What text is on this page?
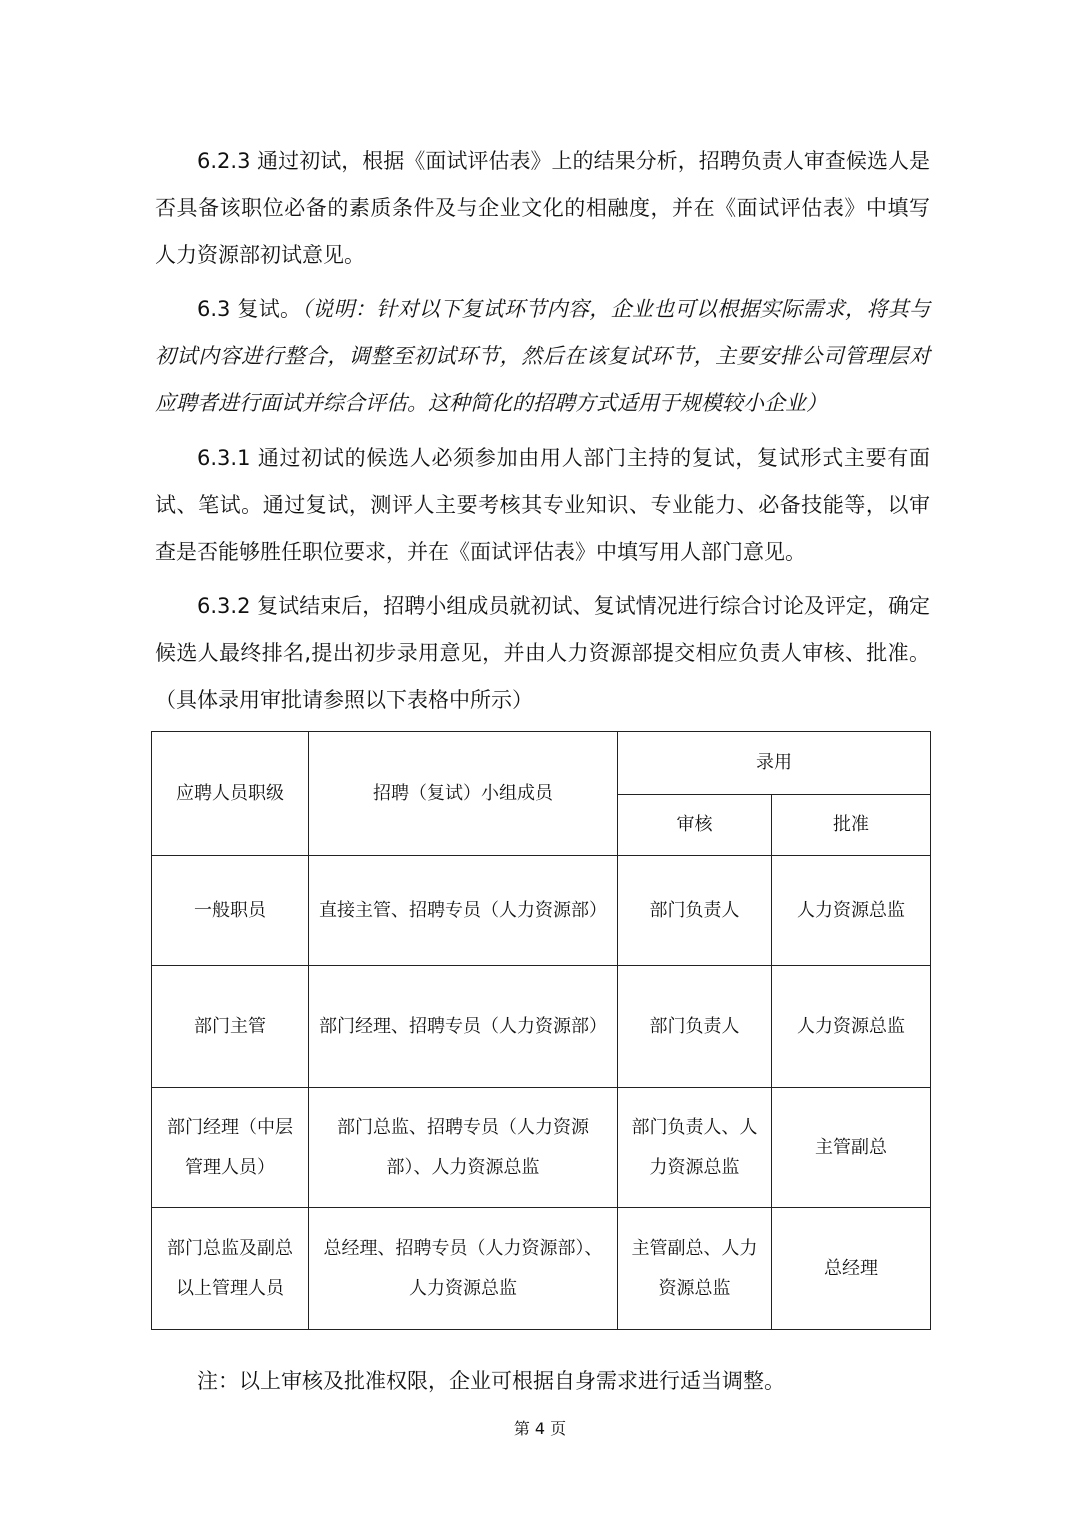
6.2.3 通过初试，根据《面试评估表》上的结果分析，招聘负责人审查候选人是否具备该职位必备的素质条件及与企业文化的相融度，并在《面试评估表》中填写人力资源部初试意见。

6.3 复试。（说明：针对以下复试环节内容，企业也可以根据实际需求，将其与初试内容进行整合，调整至初试环节，然后在该复试环节，主要安排公司管理层对应聘者进行面试并综合评估。这种简化的招聘方式适用于规模较小企业）

6.3.1 通过初试的候选人必须参加由用人部门主持的复试，复试形式主要有面试、笔试。通过复试，测评人主要考核其专业知识、专业能力、必备技能等，以审查是否能够胜任职位要求，并在《面试评估表》中填写用人部门意见。

6.3.2 复试结束后，招聘小组成员就初试、复试情况进行综合讨论及评定，确定候选人最终排名,提出初步录用意见，并由人力资源部提交相应负责人审核、批准。（具体录用审批请参照以下表格中所示）

应聘人员职级	招聘（复试）小组成员	录用	
		审核	批准
一般职员	直接主管、招聘专员（人力资源部）	部门负责人	人力资源总监
部门主管	部门经理、招聘专员（人力资源部）	部门负责人	人力资源总监
部门经理（中层管理人员）	部门总监、招聘专员（人力资源部）、人力资源总监	部门负责人、人力资源总监	主管副总
部门总监及副总以上管理人员	总经理、招聘专员（人力资源部）、人力资源总监	主管副总、人力资源总监	总经理

注：以上审核及批准权限，企业可根据自身需求进行适当调整。

第 4 页
